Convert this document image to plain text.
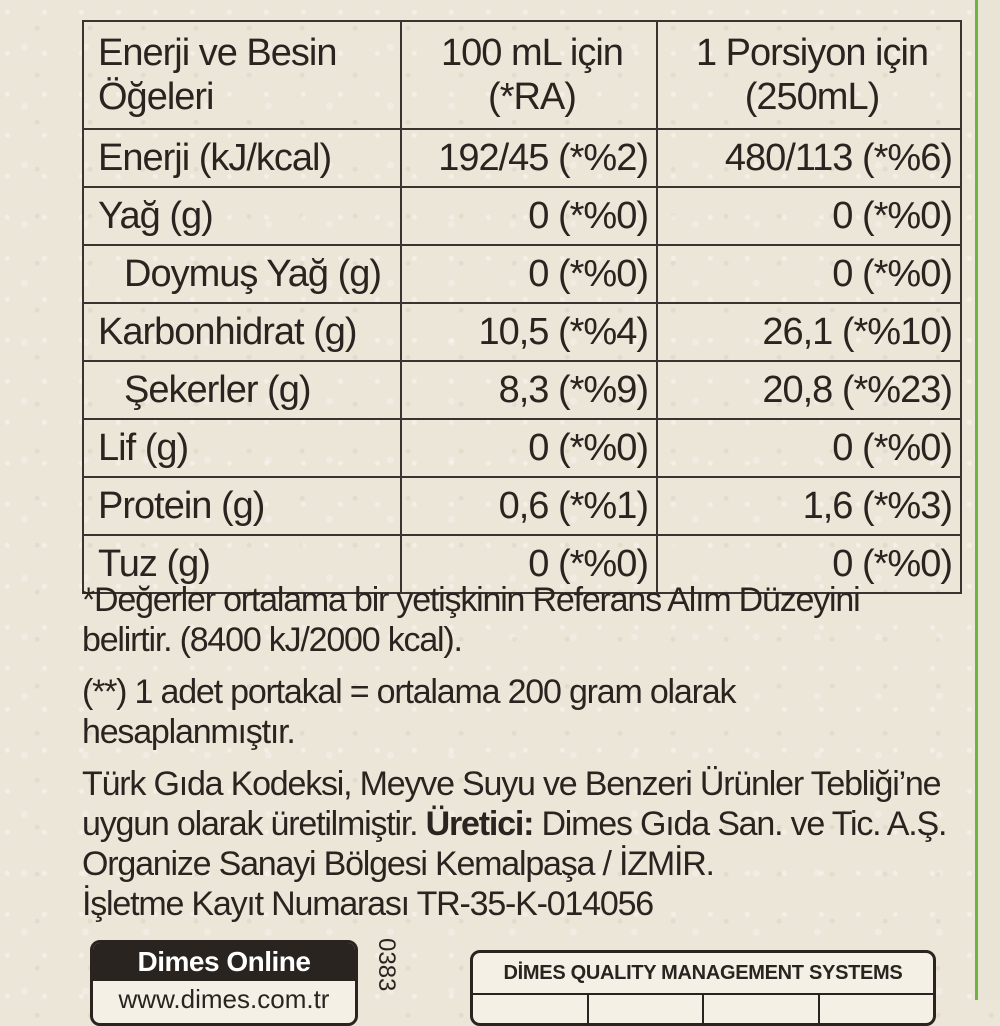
Enerji ve Besin Öğeleri	100 mL için (*RA)	1 Porsiyon için (250mL)
Enerji (kJ/kcal)	192/45 (*%2)	480/113 (*%6)
Yağ (g)	0 (*%0)	0 (*%0)
Doymuş Yağ (g)	0 (*%0)	0 (*%0)
Karbonhidrat (g)	10,5 (*%4)	26,1 (*%10)
Şekerler (g)	8,3 (*%9)	20,8 (*%23)
Lif (g)	0 (*%0)	0 (*%0)
Protein (g)	0,6 (*%1)	1,6 (*%3)
Tuz (g)	0 (*%0)	0 (*%0)

*Değerler ortalama bir yetişkinin Referans Alım Düzeyini belirtir. (8400 kJ/2000 kcal).

(**) 1 adet portakal = ortalama 200 gram olarak hesaplanmıştır.

Türk Gıda Kodeksi, Meyve Suyu ve Benzeri Ürünler Tebliği’ne uygun olarak üretilmiştir. Üretici: Dimes Gıda San. ve Tic. A.Ş.

Organize Sanayi Bölgesi Kemalpaşa / İZMİR.

İşletme Kayıt Numarası TR-35-K-014056

Dimes Online
www.dimes.com.tr
0383	DİMES QUALITY MANAGEMENT SYSTEMS
